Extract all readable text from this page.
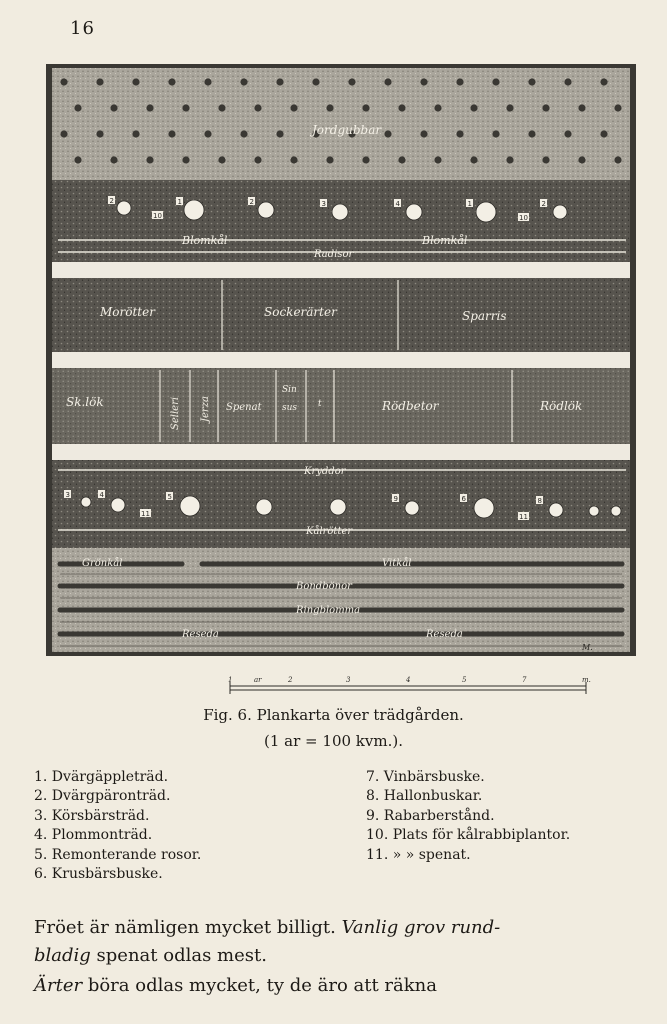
16
Jordgubbar
2
10
1	2	3	4	1
10
2
Blomkål	Blomkål
Radisor
Morötter	Sockerärter	Sparris
Sk.lök	Selleri Jerza Spenat
Sin
sus t	Rödbetor	Rödlök
Kryddor
3	4
11
5	9	6
11
8
Kålrötter
Grönkål	Vitkål
Bondbönor
Ringblomma
Reseda	Reseda
M.
1	ar	2	3	4	5	7	m.
Fig. 6. Plankarta över trädgården.
(1 ar = 100 kvm.).
1. Dvärgäppleträd.
2. Dvärgpäronträd.
3. Körsbärsträd.
4. Plommonträd.
5. Remonterande rosor.
6. Krusbärsbuske.
7. Vinbärsbuske.
8. Hallonbuskar.
9. Rabarberstånd.
10. Plats för kålrabbiplantor.
11. » » spenat.
Fröet är nämligen mycket billigt. Vanlig grov rund-
bladig spenat odlas mest.
Ärter böra odlas mycket, ty de äro att räkna
